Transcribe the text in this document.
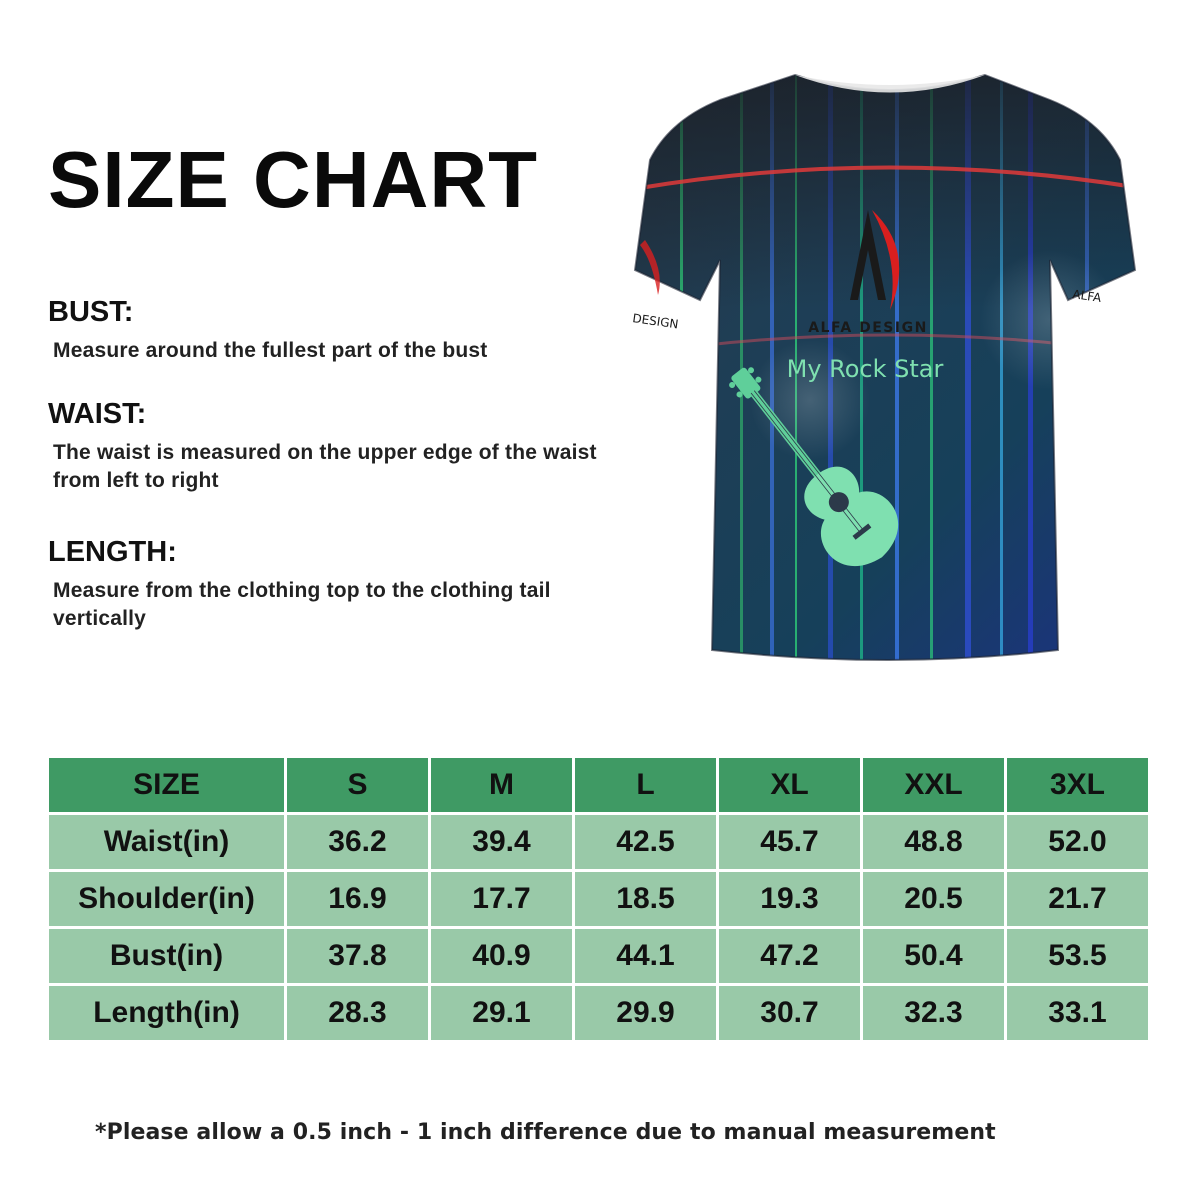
SIZE CHART
BUST:
Measure around the fullest part of the bust
WAIST:
The waist is measured on the upper edge of the waist from left to right
LENGTH:
Measure from the clothing top to the clothing tail vertically
ALFA DESIGN
DESIGN
ALFA
My Rock Star
SIZE	S	M	L	XL	XXL	3XL
Waist(in)	36.2	39.4	42.5	45.7	48.8	52.0
Shoulder(in)	16.9	17.7	18.5	19.3	20.5	21.7
Bust(in)	37.8	40.9	44.1	47.2	50.4	53.5
Length(in)	28.3	29.1	29.9	30.7	32.3	33.1
*Please allow a 0.5 inch - 1 inch difference due to manual measurement
